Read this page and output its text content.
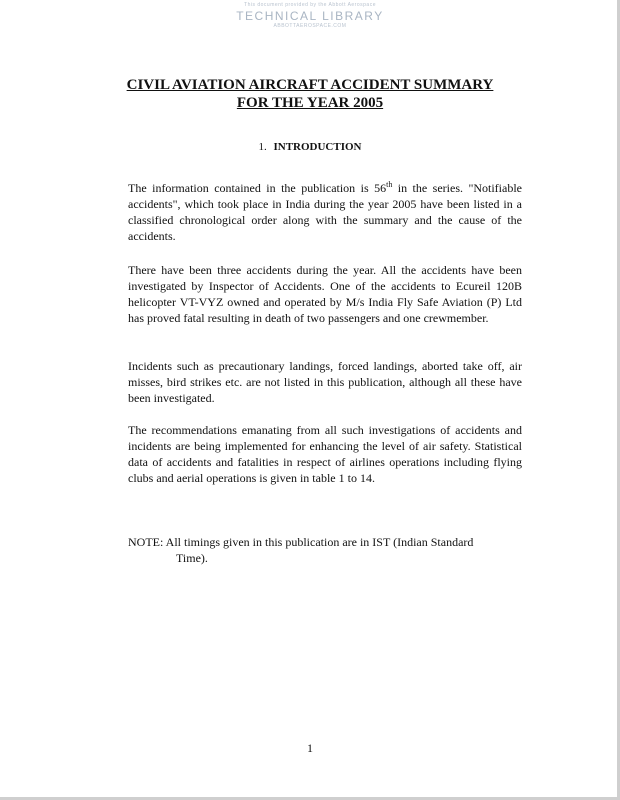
This document provided by the Abbott Aerospace
TECHNICAL LIBRARY
ABBOTTAEROSPACE.COM
CIVIL AVIATION AIRCRAFT ACCIDENT SUMMARY
FOR THE YEAR 2005
1. INTRODUCTION
The information contained in the publication is 56th in the series. "Notifiable accidents", which took place in India during the year 2005 have been listed in a classified chronological order along with the summary and the cause of the accidents.
There have been three accidents during the year. All the accidents have been investigated by Inspector of Accidents. One of the accidents to Ecureil 120B helicopter VT-VYZ owned and operated by M/s India Fly Safe Aviation (P) Ltd has proved fatal resulting in death of two passengers and one crewmember.
Incidents such as precautionary landings, forced landings, aborted take off, air misses, bird strikes etc. are not listed in this publication, although all these have been investigated.
The recommendations emanating from all such investigations of accidents and incidents are being implemented for enhancing the level of air safety. Statistical data of accidents and fatalities in respect of airlines operations including flying clubs and aerial operations is given in table 1 to 14.
NOTE: All timings given in this publication are in IST (Indian Standard
Time).
1
